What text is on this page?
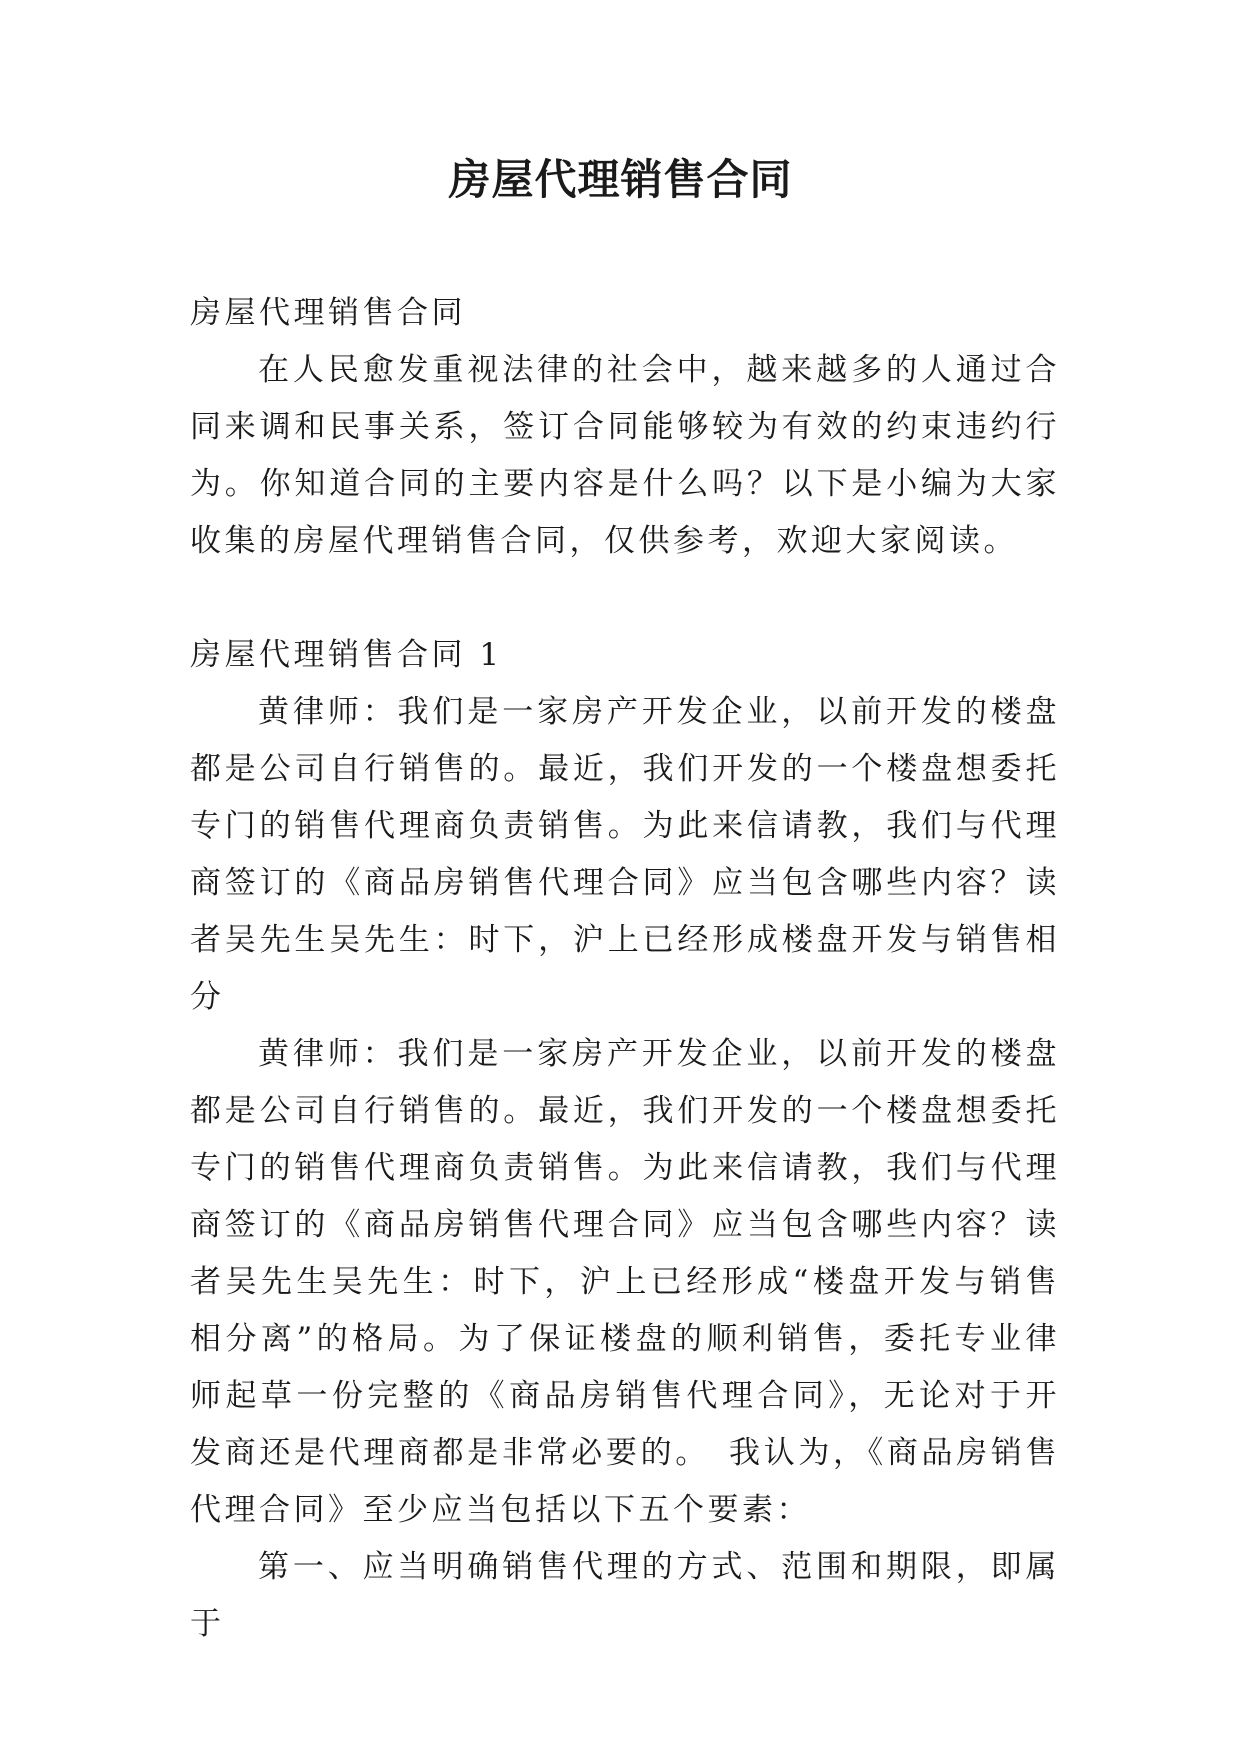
房屋代理销售合同

房屋代理销售合同

在人民愈发重视法律的社会中，越来越多的人通过合同来调和民事关系，签订合同能够较为有效的约束违约行为。你知道合同的主要内容是什么吗？以下是小编为大家收集的房屋代理销售合同，仅供参考，欢迎大家阅读。

房屋代理销售合同 1

黄律师：我们是一家房产开发企业，以前开发的楼盘都是公司自行销售的。最近，我们开发的一个楼盘想委托专门的销售代理商负责销售。为此来信请教，我们与代理商签订的《商品房销售代理合同》应当包含哪些内容？读者吴先生吴先生：时下，沪上已经形成楼盘开发与销售相分

黄律师：我们是一家房产开发企业，以前开发的楼盘都是公司自行销售的。最近，我们开发的一个楼盘想委托专门的销售代理商负责销售。为此来信请教，我们与代理商签订的《商品房销售代理合同》应当包含哪些内容？读者吴先生吴先生：时下，沪上已经形成“楼盘开发与销售相分离”的格局。为了保证楼盘的顺利销售，委托专业律师起草一份完整的《商品房销售代理合同》，无论对于开发商还是代理商都是非常必要的。　我认为，《商品房销售代理合同》至少应当包括以下五个要素：

第一、应当明确销售代理的方式、范围和期限，即属于
